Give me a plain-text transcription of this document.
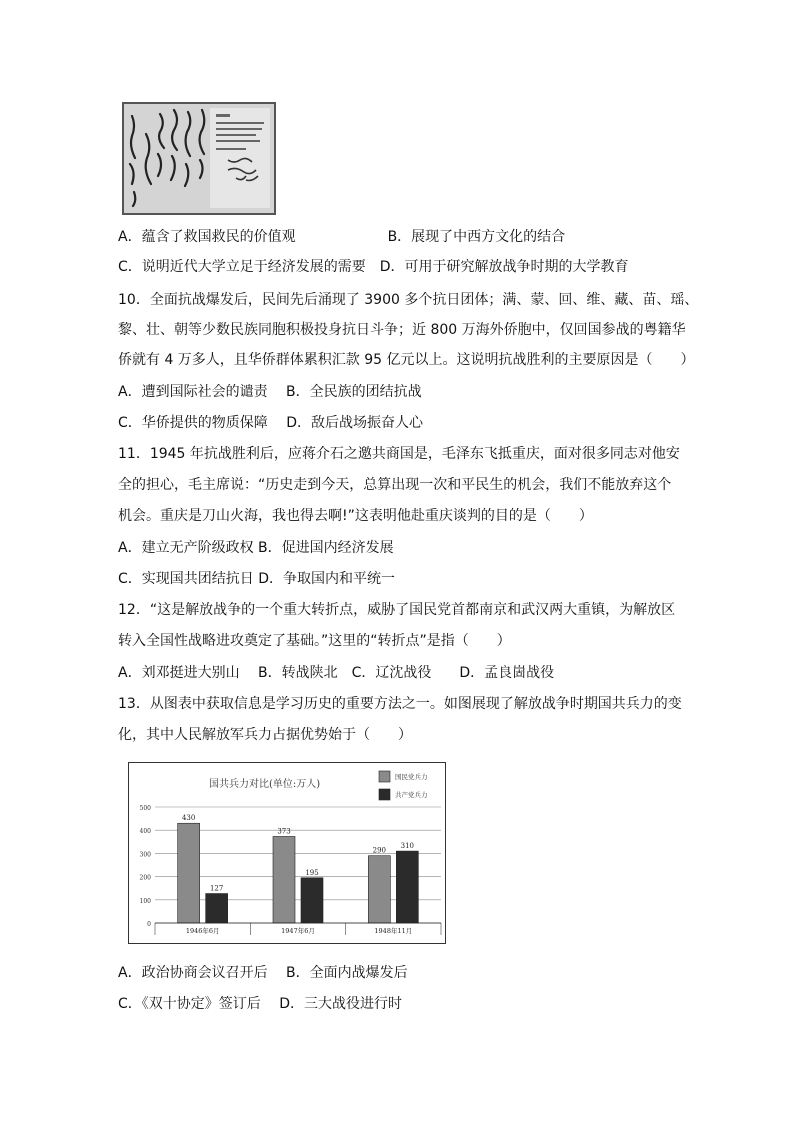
A．蕴含了救国救民的价值观	B．展现了中西方文化的结合
C．说明近代大学立足于经济发展的需要 D．可用于研究解放战争时期的大学教育
10．全面抗战爆发后，民间先后涌现了 3900 多个抗日团体；满、蒙、回、维、藏、苗、瑶、
黎、壮、朝等少数民族同胞积极投身抗日斗争；近 800 万海外侨胞中，仅回国参战的粤籍华
侨就有 4 万多人，且华侨群体累积汇款 95 亿元以上。这说明抗战胜利的主要原因是（　　）
A．遭到国际社会的谴责　 B．全民族的团结抗战
C．华侨提供的物质保障　 D．敌后战场振奋人心
11．1945 年抗战胜利后，应蒋介石之邀共商国是，毛泽东飞抵重庆，面对很多同志对他安
全的担心，毛主席说：“历史走到今天，总算出现一次和平民生的机会，我们不能放弃这个
机会。重庆是刀山火海，我也得去啊!”这表明他赴重庆谈判的目的是（　　）
A．建立无产阶级政权 B．促进国内经济发展
C．实现国共团结抗日 D．争取国内和平统一
12．“这是解放战争的一个重大转折点，威胁了国民党首都南京和武汉两大重镇，为解放区
转入全国性战略进攻奠定了基础。”这里的“转折点”是指（　　）
A．刘邓挺进大别山　 B．转战陕北　C．辽沈战役　　D．孟良崮战役
13．从图表中获取信息是学习历史的重要方法之一。如图展现了解放战争时期国共兵力的变
化，其中人民解放军兵力占据优势始于（　　）
国共兵力对比(单位:万人)
0
100
200
300
400
500
430
127
1946年6月
373
195
1947年6月
290
310
1948年11月
国民党兵力
共产党兵力
A．政治协商会议召开后　 B．全面内战爆发后
C．《双十协定》签订后　 D．三大战役进行时
